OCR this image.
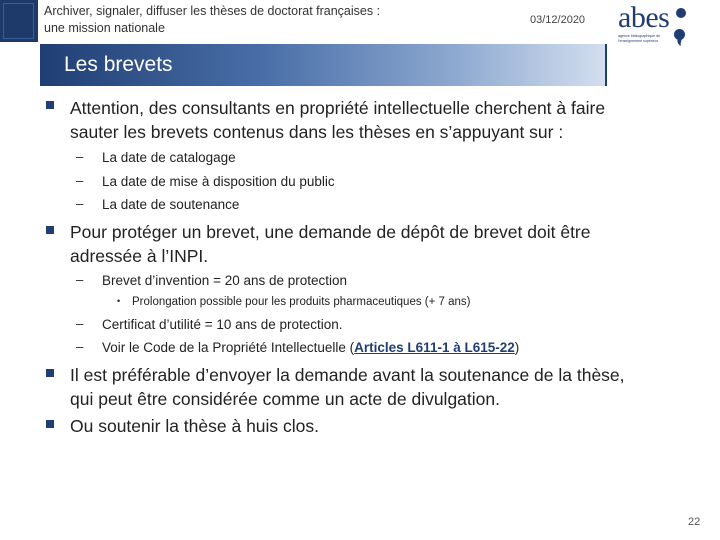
Archiver, signaler, diffuser les thèses de doctorat françaises :
une mission nationale
03/12/2020 abes
agence bibliographique de l'enseignement supérieur
Les brevets
Attention, des consultants en propriété intellectuelle cherchent à faire
sauter les brevets contenus dans les thèses en s’appuyant sur :
– La date de catalogage
– La date de mise à disposition du public
– La date de soutenance
Pour protéger un brevet, une demande de dépôt de brevet doit être
adressée à l’INPI.
– Brevet d’invention = 20 ans de protection
• Prolongation possible pour les produits pharmaceutiques (+ 7 ans)
– Certificat d’utilité = 10 ans de protection.
– Voir le Code de la Propriété Intellectuelle (Articles L611-1 à L615-22)
Il est préférable d’envoyer la demande avant la soutenance de la thèse,
qui peut être considérée comme un acte de divulgation.
Ou soutenir la thèse à huis clos.
22
